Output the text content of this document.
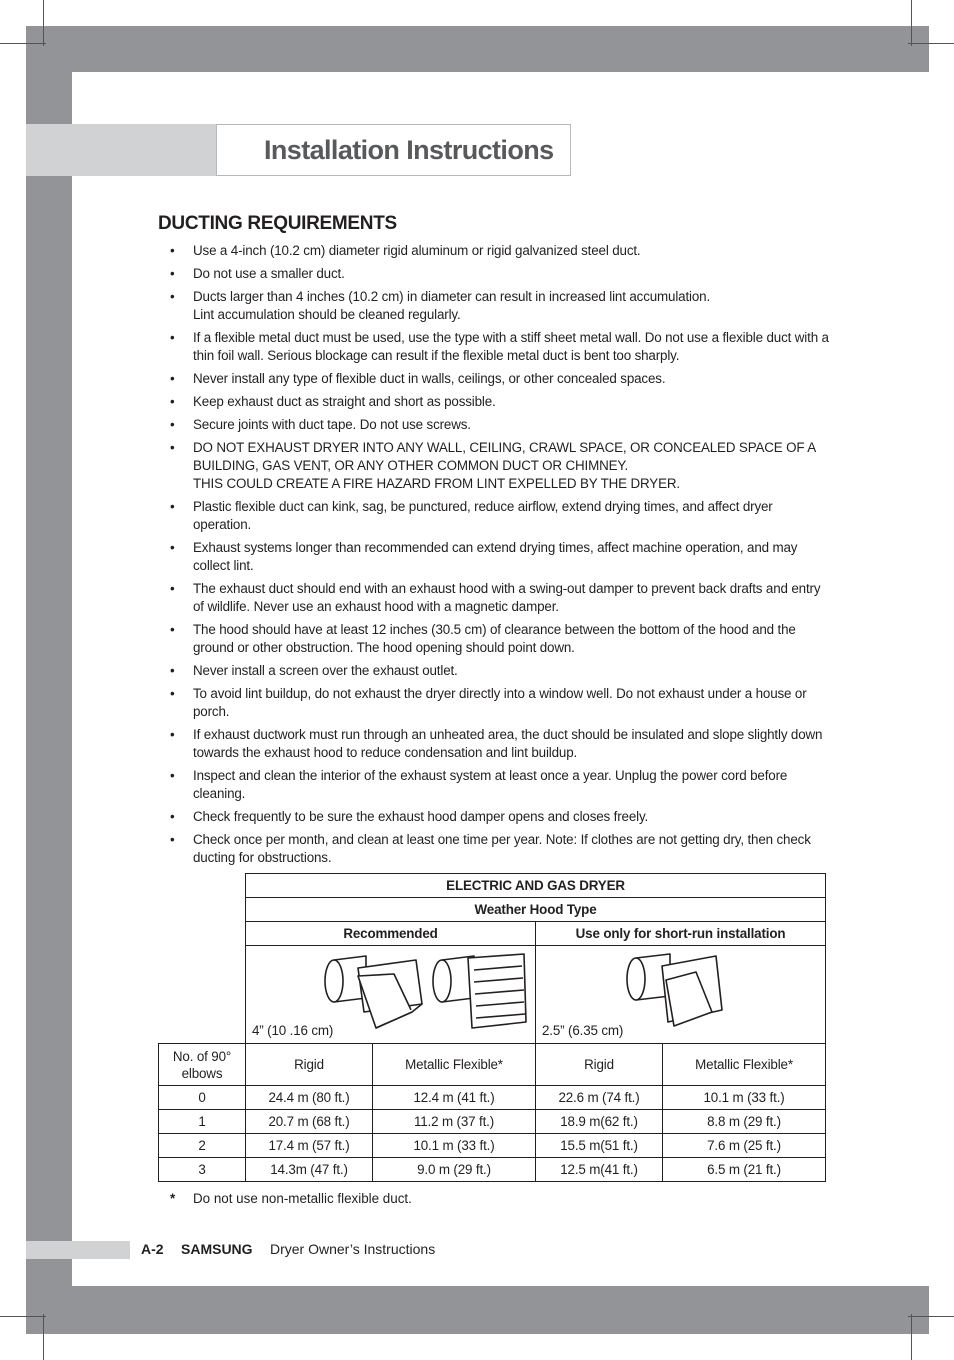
Installation Instructions
DUCTING REQUIREMENTS
• Use a 4-inch (10.2 cm) diameter rigid aluminum or rigid galvanized steel duct.
• Do not use a smaller duct.
• Ducts larger than 4 inches (10.2 cm) in diameter can result in increased lint accumulation.
Lint accumulation should be cleaned regularly.
• If a flexible metal duct must be used, use the type with a stiff sheet metal wall. Do not use a flexible duct with a thin foil wall. Serious blockage can result if the flexible metal duct is bent too sharply.
• Never install any type of flexible duct in walls, ceilings, or other concealed spaces.
• Keep exhaust duct as straight and short as possible.
• Secure joints with duct tape. Do not use screws.
• DO NOT EXHAUST DRYER INTO ANY WALL, CEILING, CRAWL SPACE, OR CONCEALED SPACE OF A BUILDING, GAS VENT, OR ANY OTHER COMMON DUCT OR CHIMNEY.
THIS COULD CREATE A FIRE HAZARD FROM LINT EXPELLED BY THE DRYER.
• Plastic flexible duct can kink, sag, be punctured, reduce airflow, extend drying times, and affect dryer operation.
• Exhaust systems longer than recommended can extend drying times, affect machine operation, and may collect lint.
• The exhaust duct should end with an exhaust hood with a swing-out damper to prevent back drafts and entry of wildlife. Never use an exhaust hood with a magnetic damper.
• The hood should have at least 12 inches (30.5 cm) of clearance between the bottom of the hood and the ground or other obstruction. The hood opening should point down.
• Never install a screen over the exhaust outlet.
• To avoid lint buildup, do not exhaust the dryer directly into a window well. Do not exhaust under a house or porch.
• If exhaust ductwork must run through an unheated area, the duct should be insulated and slope slightly down towards the exhaust hood to reduce condensation and lint buildup.
• Inspect and clean the interior of the exhaust system at least once a year. Unplug the power cord before cleaning.
• Check frequently to be sure the exhaust hood damper opens and closes freely.
• Check once per month, and clean at least one time per year. Note: If clothes are not getting dry, then check ducting for obstructions.
	ELECTRIC AND GAS DRYER			
	Weather Hood Type			
	Recommended		Use only for short-run installation	

	4” (10 .16 cm)		2.5” (6.35 cm)	

No. of 90° elbows	Rigid	Metallic Flexible*	Rigid	Metallic Flexible*
0	24.4 m (80 ft.)	12.4 m (41 ft.)	22.6 m (74 ft.)	10.1 m (33 ft.)
1	20.7 m (68 ft.)	11.2 m (37 ft.)	18.9 m(62 ft.)	8.8 m (29 ft.)
2	17.4 m (57 ft.)	10.1 m (33 ft.)	15.5 m(51 ft.)	7.6 m (25 ft.)
3	14.3m (47 ft.)	9.0 m (29 ft.)	12.5 m(41 ft.)	6.5 m (21 ft.)
* Do not use non-metallic flexible duct.
A-2 SAMSUNG Dryer Owner’s Instructions
